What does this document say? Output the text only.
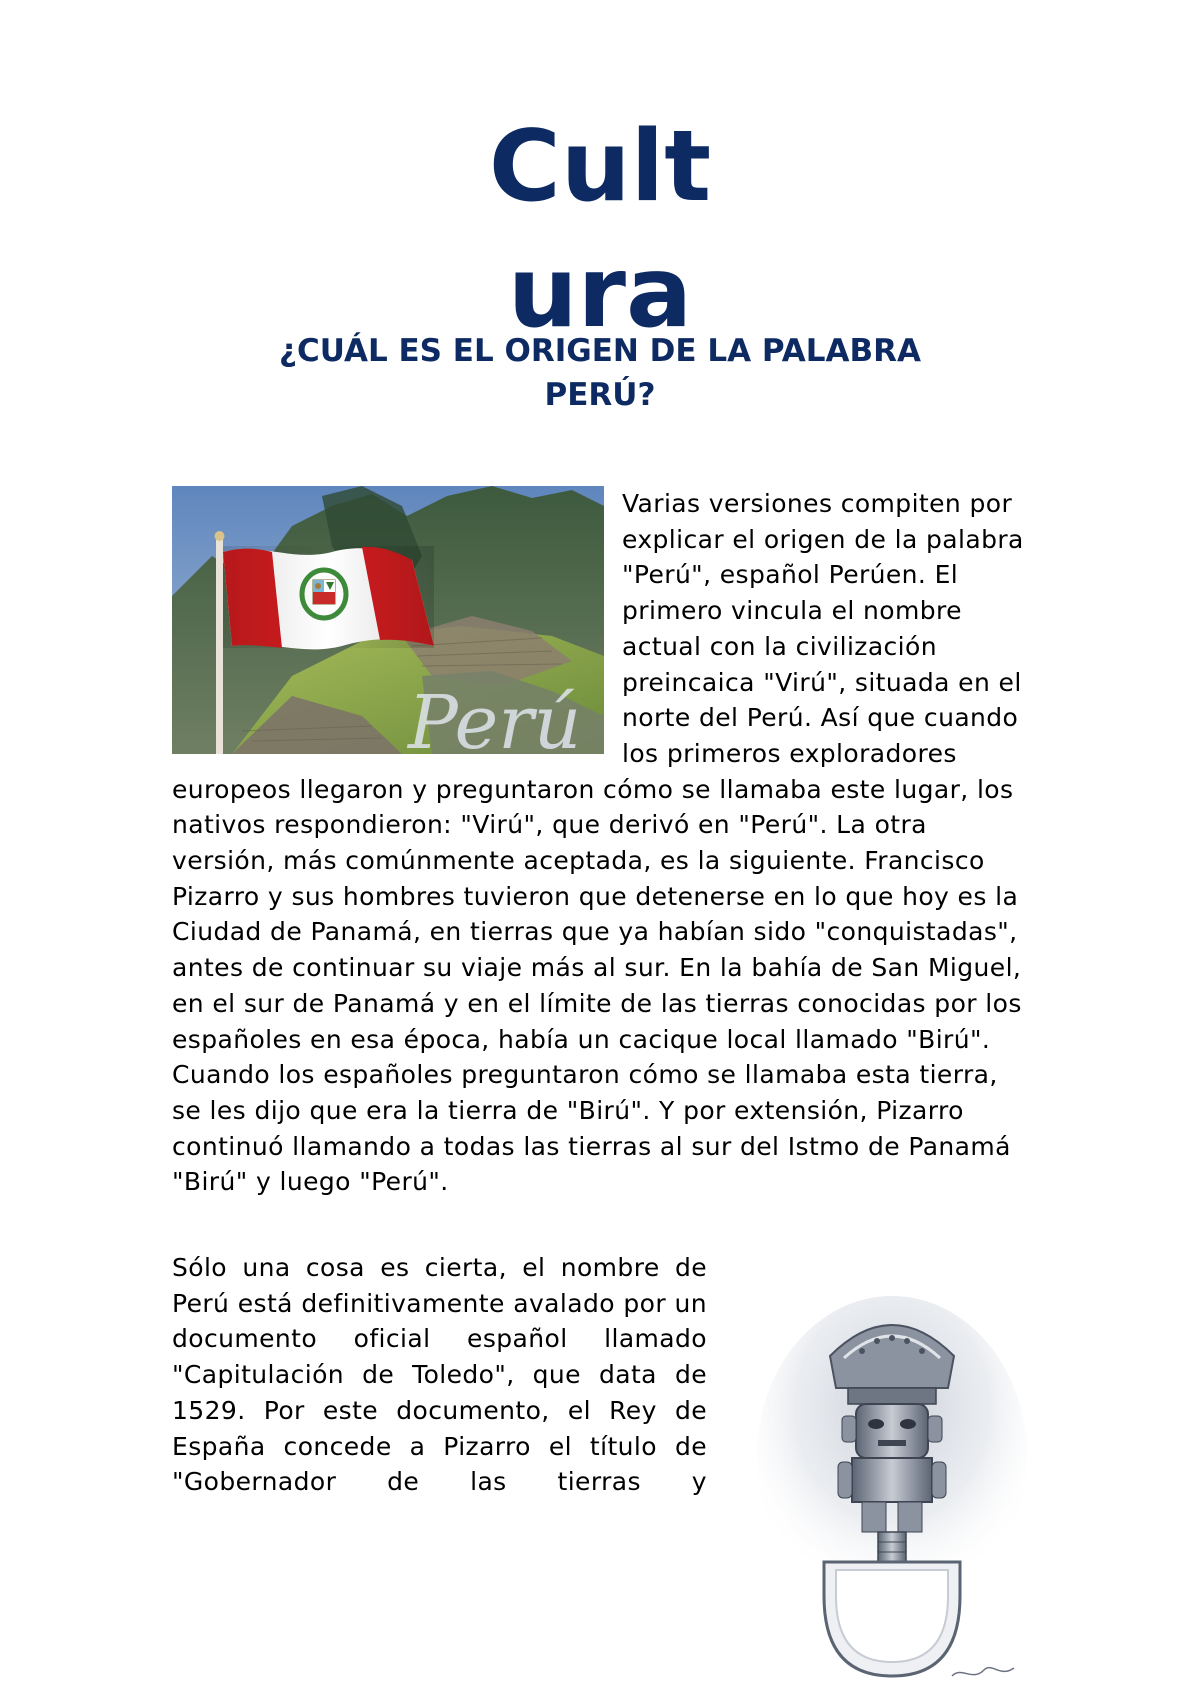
Cult
ura
¿CUÁL ES EL ORIGEN DE LA PALABRA
PERÚ?
Perú

Varias versiones compiten por explicar el origen de la palabra "Perú", español Perúen. El primero vincula el nombre actual con la civilización preincaica "Virú", situada en el norte del Perú. Así que cuando los primeros exploradores europeos llegaron y preguntaron cómo se llamaba este lugar, los nativos respondieron: "Virú", que derivó en "Perú". La otra versión, más comúnmente aceptada, es la siguiente. Francisco Pizarro y sus hombres tuvieron que detenerse en lo que hoy es la Ciudad de Panamá, en tierras que ya habían sido "conquistadas", antes de continuar su viaje más al sur. En la bahía de San Miguel, en el sur de Panamá y en el límite de las tierras conocidas por los españoles en esa época, había un cacique local llamado "Birú". Cuando los españoles preguntaron cómo se llamaba esta tierra, se les dijo que era la tierra de "Birú". Y por extensión, Pizarro continuó llamando a todas las tierras al sur del Istmo de Panamá "Birú" y luego "Perú".

Sólo una cosa es cierta, el nombre de Perú está definitivamente avalado por un documento oficial español llamado "Capitulación de Toledo", que data de 1529. Por este documento, el Rey de España concede a Pizarro el título de "Gobernador de las tierras y
